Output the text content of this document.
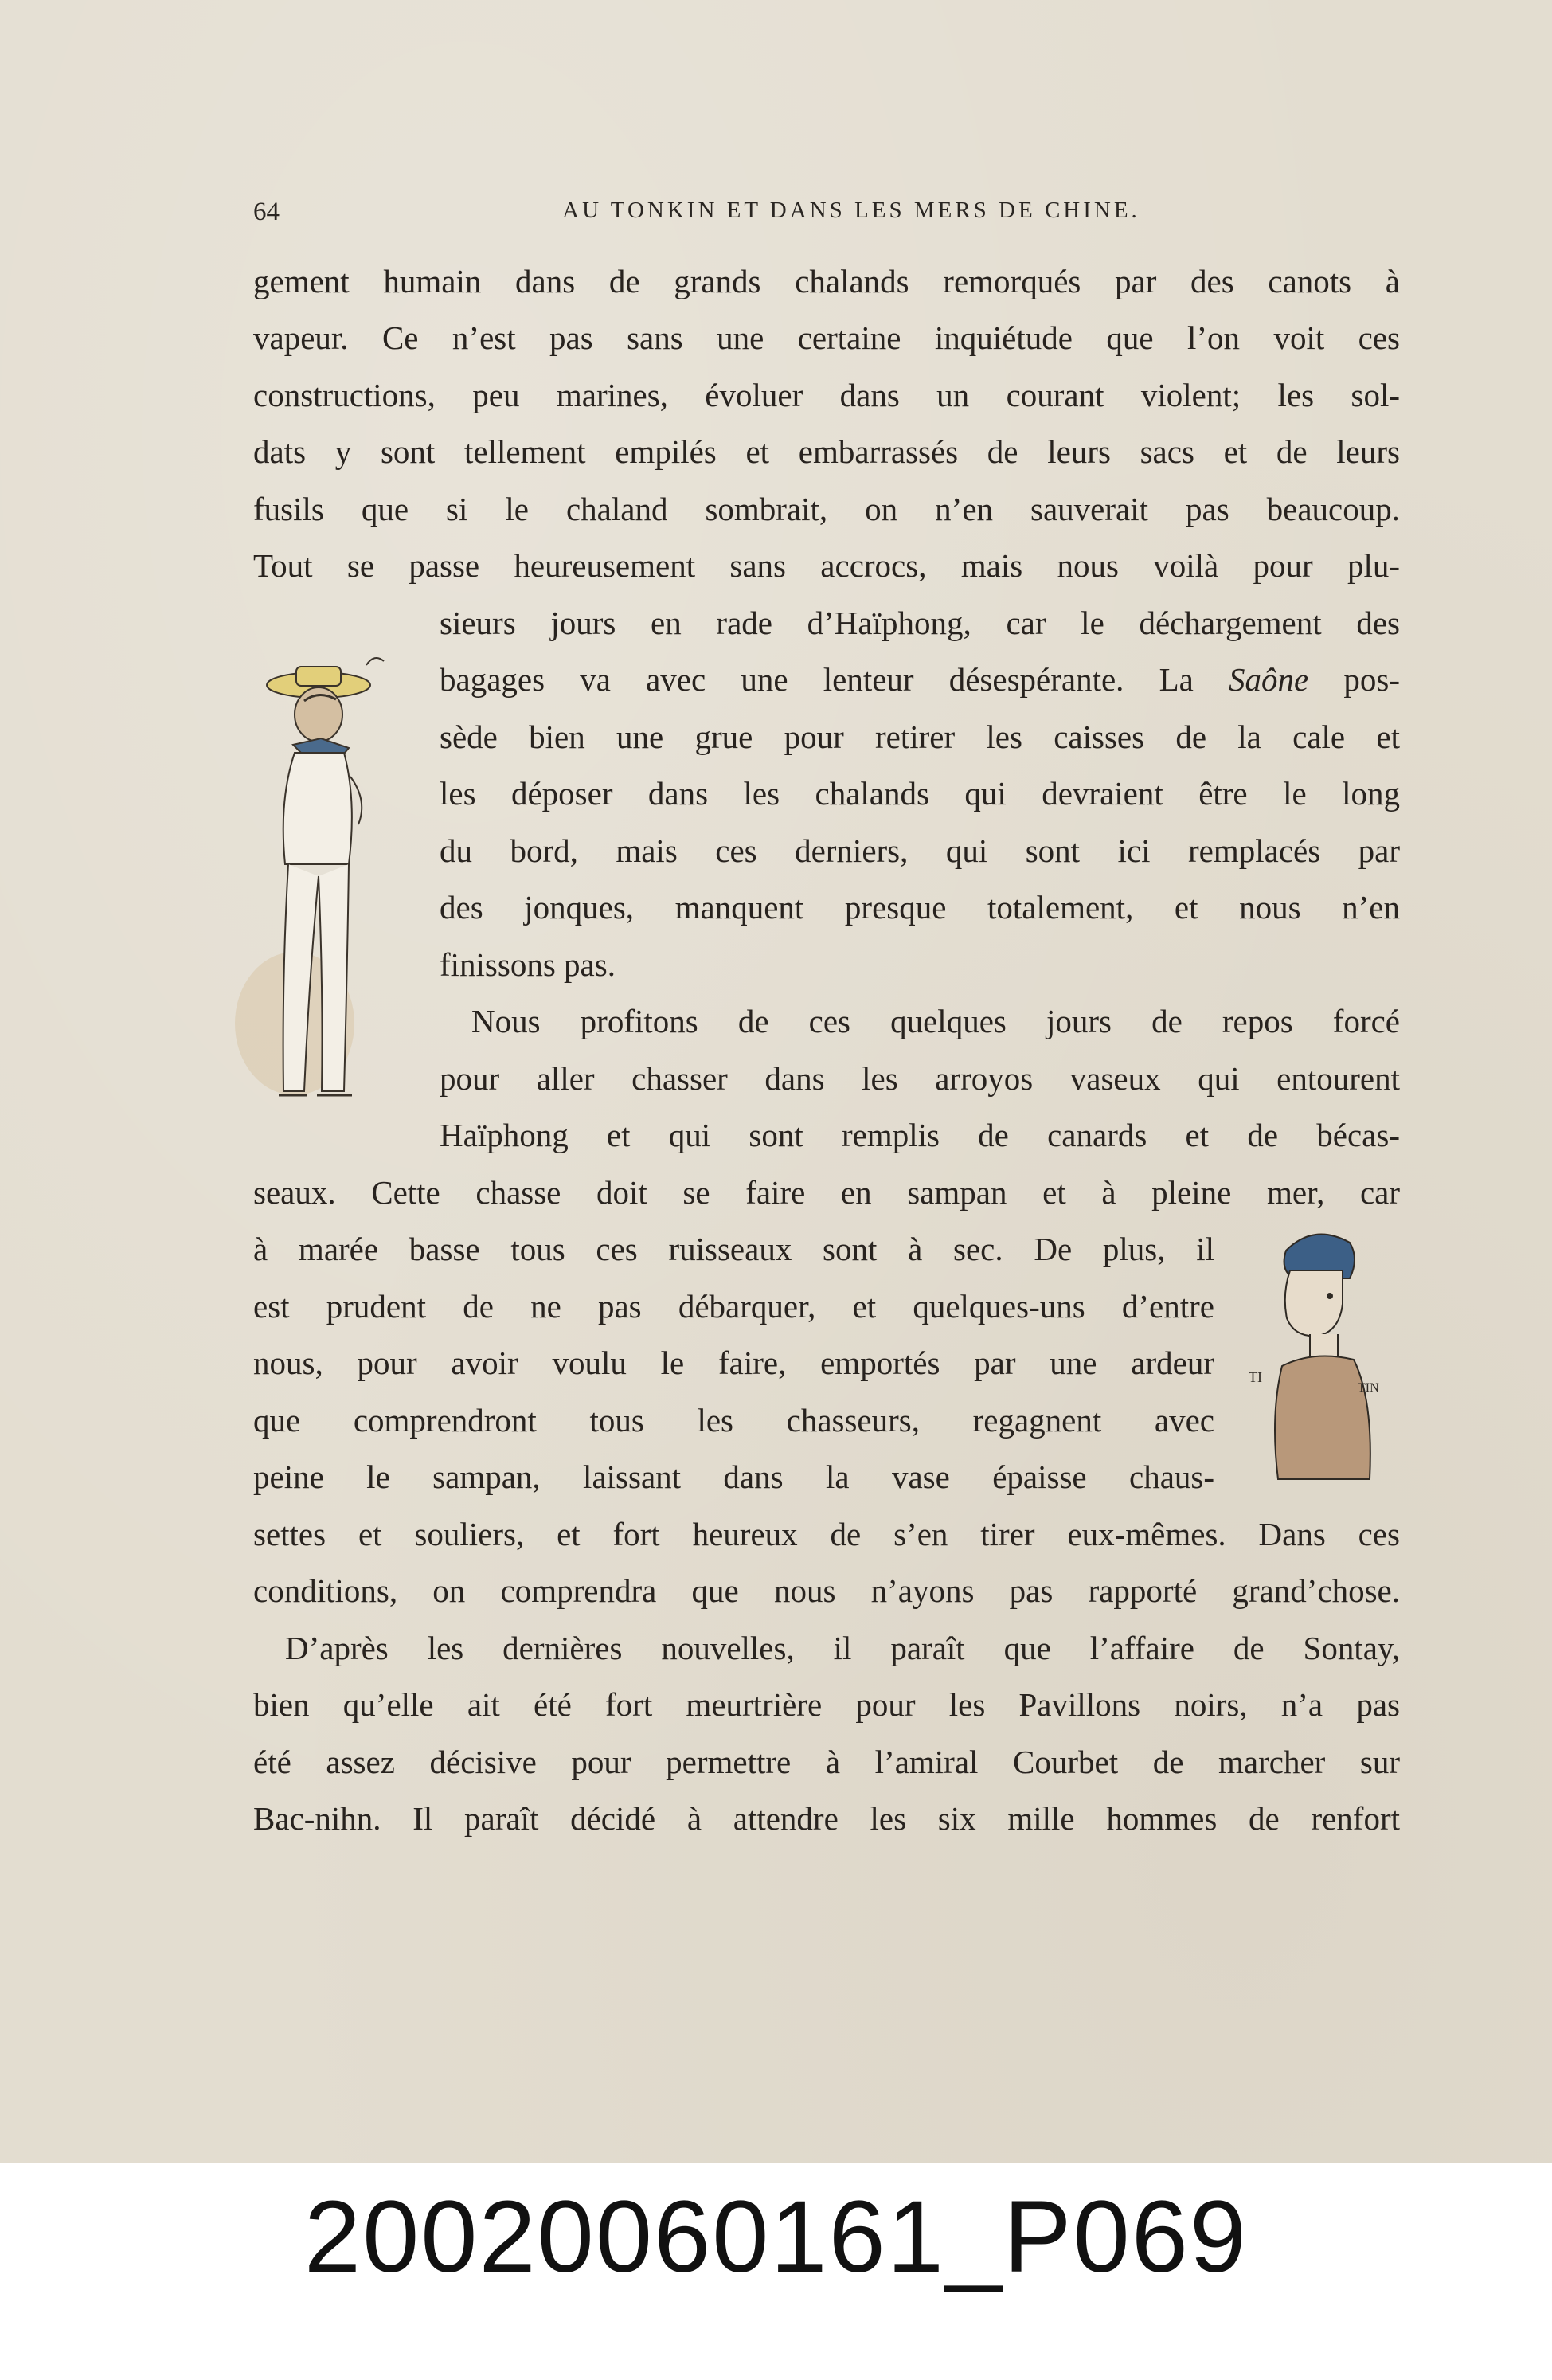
64	AU TONKIN ET DANS LES MERS DE CHINE.
gement humain dans de grands chalands remorqués par des canots à
vapeur. Ce n’est pas sans une certaine inquiétude que l’on voit ces
constructions, peu marines, évoluer dans un courant violent; les sol-
dats y sont tellement empilés et embarrassés de leurs sacs et de leurs
fusils que si le chaland sombrait, on n’en sauverait pas beaucoup.
Tout se passe heureusement sans accrocs, mais nous voilà pour plu-
sieurs jours en rade d’Haïphong, car le déchargement des
bagages va avec une lenteur désespérante. La Saône pos-
sède bien une grue pour retirer les caisses de la cale et
les déposer dans les chalands qui devraient être le long
du bord, mais ces derniers, qui sont ici remplacés par
des jonques, manquent presque totalement, et nous n’en
finissons pas.
Nous profitons de ces quelques jours de repos forcé
pour aller chasser dans les arroyos vaseux qui entourent
Haïphong et qui sont remplis de canards et de bécas-
seaux. Cette chasse doit se faire en sampan et à pleine mer, car
à marée basse tous ces ruisseaux sont à sec. De plus, il
est prudent de ne pas débarquer, et quelques-uns d’entre
nous, pour avoir voulu le faire, emportés par une ardeur
que comprendront tous les chasseurs, regagnent avec
peine le sampan, laissant dans la vase épaisse chaus-
settes et souliers, et fort heureux de s’en tirer eux-mêmes. Dans ces
conditions, on comprendra que nous n’ayons pas rapporté grand’chose.
D’après les dernières nouvelles, il paraît que l’affaire de Sontay,
bien qu’elle ait été fort meurtrière pour les Pavillons noirs, n’a pas
été assez décisive pour permettre à l’amiral Courbet de marcher sur
Bac-nihn. Il paraît décidé à attendre les six mille hommes de renfort
TI
TIN
20020060161_P069
